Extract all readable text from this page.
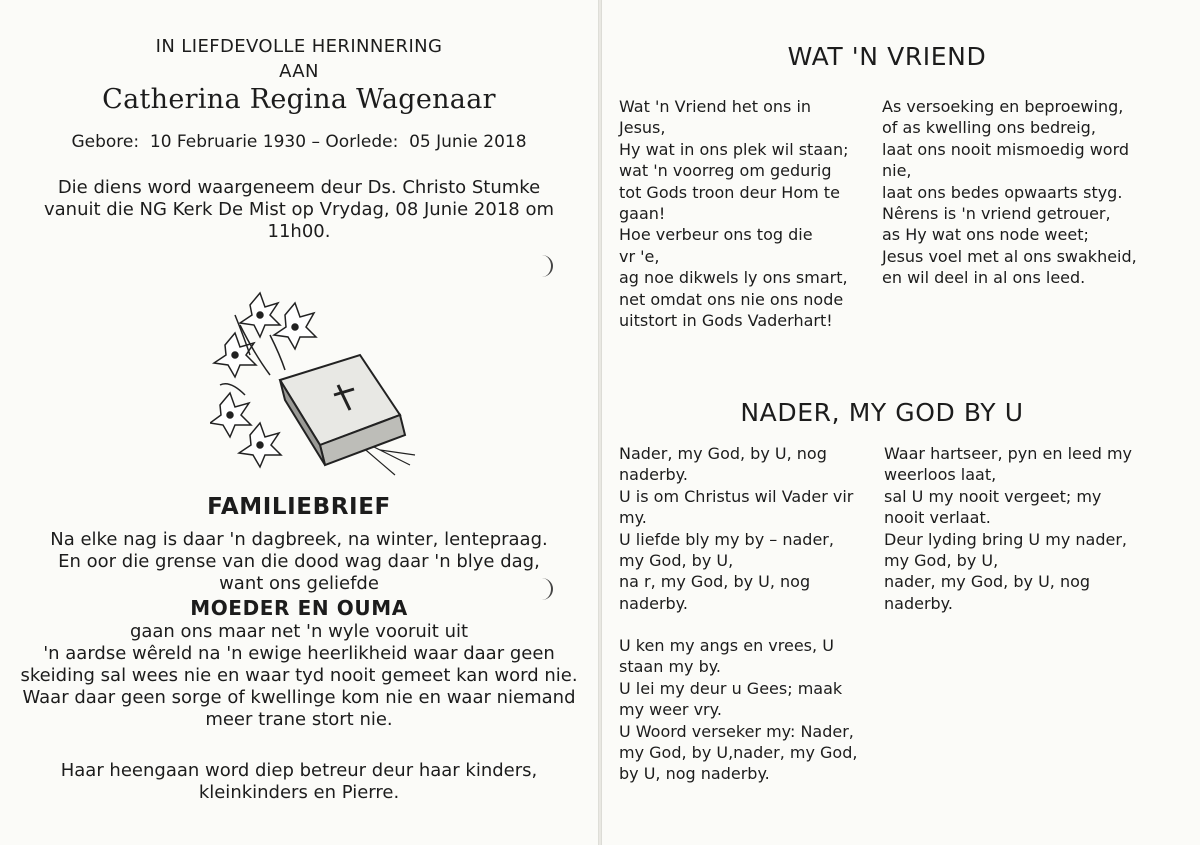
IN LIEFDEVOLLE HERINNERING
AAN
Catherina Regina Wagenaar
Gebore: 10 Februarie 1930 – Oorlede: 05 Junie 2018
Die diens word waargeneem deur Ds. Christo Stumke
vanuit die NG Kerk De Mist op Vrydag, 08 Junie 2018 om
11h00.
FAMILIEBRIEF
Na elke nag is daar 'n dagbreek, na winter, lentepraag.
En oor die grense van die dood wag daar 'n blye dag,
want ons geliefde
MOEDER EN OUMA
gaan ons maar net 'n wyle vooruit uit
'n aardse wêreld na 'n ewige heerlikheid waar daar geen
skeiding sal wees nie en waar tyd nooit gemeet kan word nie.
Waar daar geen sorge of kwellinge kom nie en waar niemand
meer trane stort nie.
Haar heengaan word diep betreur deur haar kinders,
kleinkinders en Pierre.
WAT 'N VRIEND
Wat 'n Vriend het ons in
Jesus,
Hy wat in ons plek wil staan;
wat 'n voorreg om gedurig
tot Gods troon deur Hom te
gaan!
Hoe verbeur ons tog die
vr 'e,
ag noe dikwels ly ons smart,
net omdat ons nie ons node
uitstort in Gods Vaderhart!
As versoeking en beproewing,
of as kwelling ons bedreig,
laat ons nooit mismoedig word
nie,
laat ons bedes opwaarts styg.
Nêrens is 'n vriend getrouer,
as Hy wat ons node weet;
Jesus voel met al ons swakheid,
en wil deel in al ons leed.
NADER, MY GOD BY U
Nader, my God, by U, nog
naderby.
U is om Christus wil Vader vir
my.
U liefde bly my by – nader,
my God, by U,
na r, my God, by U, nog
naderby.
U ken my angs en vrees, U
staan my by.
U lei my deur u Gees; maak
my weer vry.
U Woord verseker my: Nader,
my God, by U,nader, my God,
by U, nog naderby.
Waar hartseer, pyn en leed my
weerloos laat,
sal U my nooit vergeet; my
nooit verlaat.
Deur lyding bring U my nader,
my God, by U,
nader, my God, by U, nog
naderby.
